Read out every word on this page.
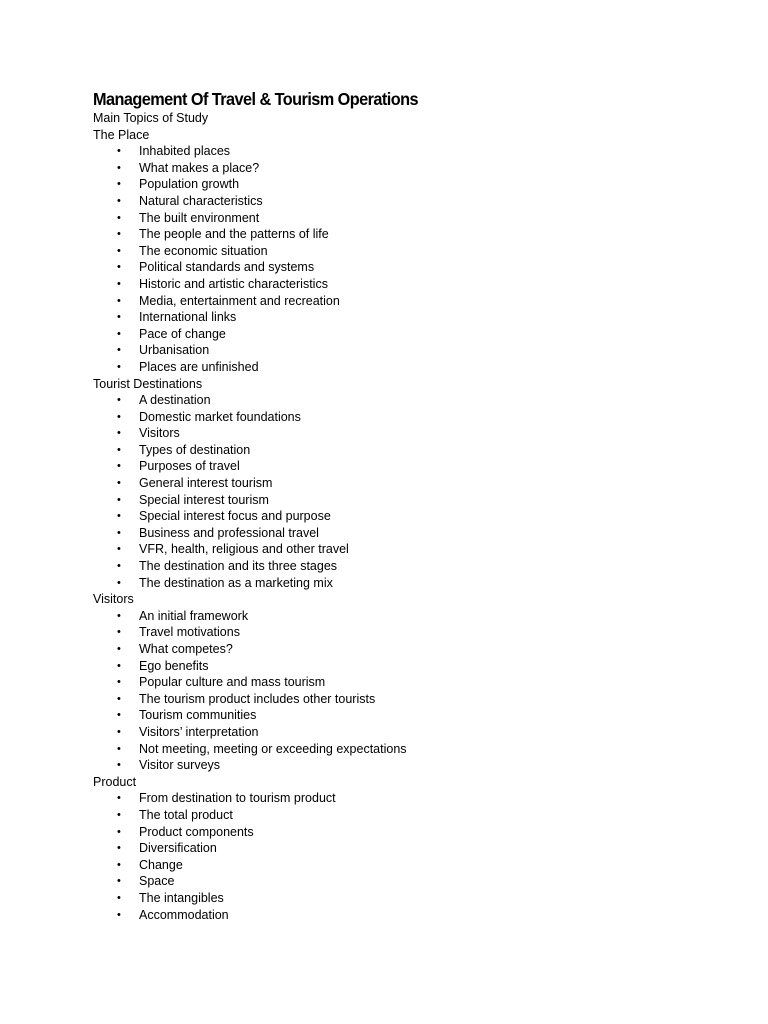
Management Of Travel & Tourism Operations
Main Topics of Study
The Place
• Inhabited places
• What makes a place?
• Population growth
• Natural characteristics
• The built environment
• The people and the patterns of life
• The economic situation
• Political standards and systems
• Historic and artistic characteristics
• Media, entertainment and recreation
• International links
• Pace of change
• Urbanisation
• Places are unfinished
Tourist Destinations
• A destination
• Domestic market foundations
• Visitors
• Types of destination
• Purposes of travel
• General interest tourism
• Special interest tourism
• Special interest focus and purpose
• Business and professional travel
• VFR, health, religious and other travel
• The destination and its three stages
• The destination as a marketing mix
Visitors
• An initial framework
• Travel motivations
• What competes?
• Ego benefits
• Popular culture and mass tourism
• The tourism product includes other tourists
• Tourism communities
• Visitors’ interpretation
• Not meeting, meeting or exceeding expectations
• Visitor surveys
Product
• From destination to tourism product
• The total product
• Product components
• Diversification
• Change
• Space
• The intangibles
• Accommodation
